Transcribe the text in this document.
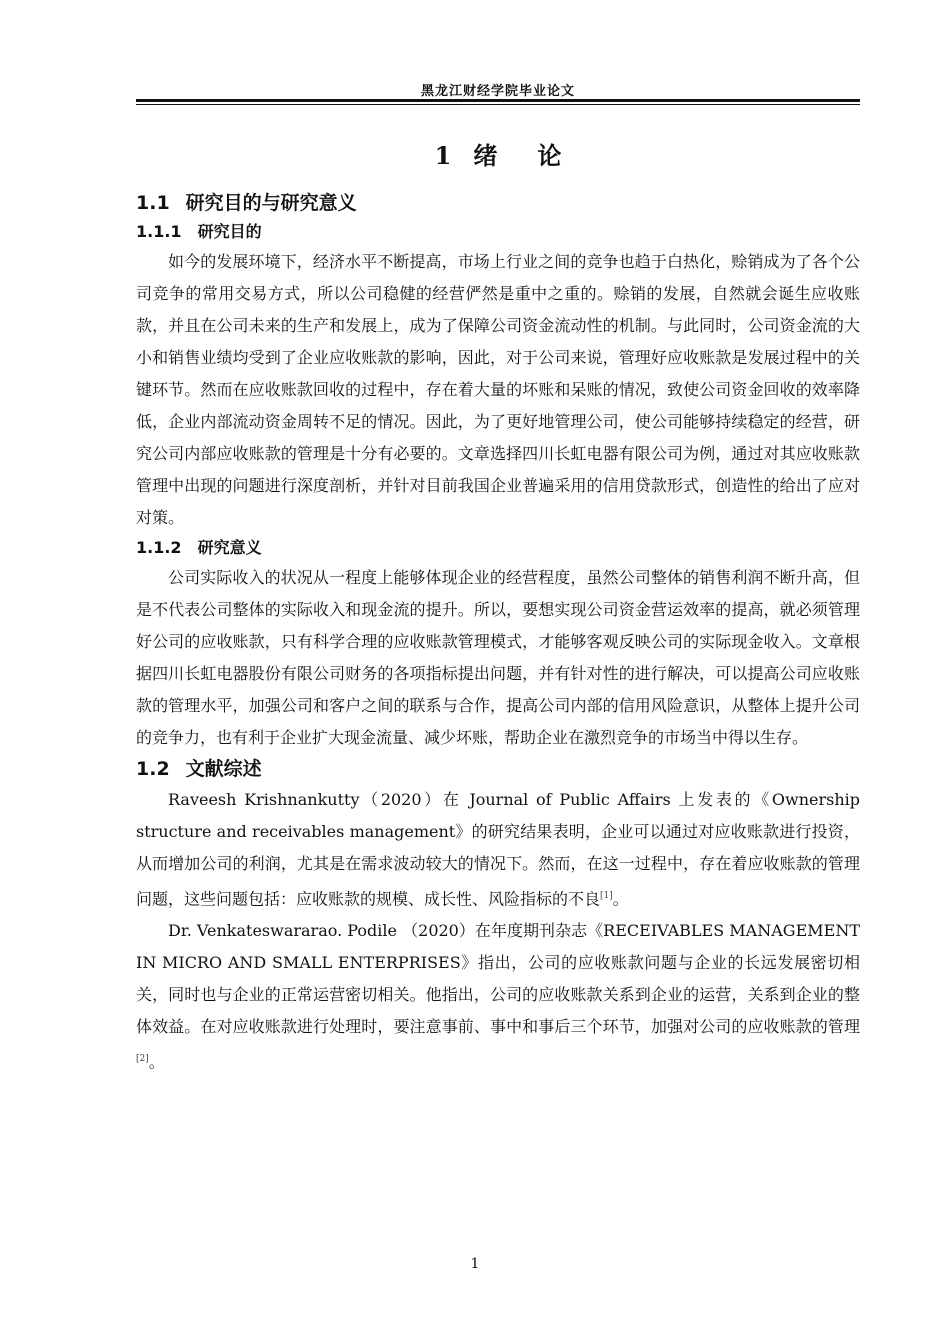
黑龙江财经学院毕业论文
1 绪 论
1.1 研究目的与研究意义
1.1.1 研究目的

如今的发展环境下，经济水平不断提高，市场上行业之间的竞争也趋于白热化，赊销成为了各个公司竞争的常用交易方式，所以公司稳健的经营俨然是重中之重的。赊销的发展，自然就会诞生应收账款，并且在公司未来的生产和发展上，成为了保障公司资金流动性的机制。与此同时，公司资金流的大小和销售业绩均受到了企业应收账款的影响，因此，对于公司来说，管理好应收账款是发展过程中的关键环节。然而在应收账款回收的过程中，存在着大量的坏账和呆账的情况，致使公司资金回收的效率降低，企业内部流动资金周转不足的情况。因此，为了更好地管理公司，使公司能够持续稳定的经营，研究公司内部应收账款的管理是十分有必要的。文章选择四川长虹电器有限公司为例，通过对其应收账款管理中出现的问题进行深度剖析，并针对目前我国企业普遍采用的信用贷款形式，创造性的给出了应对对策。

1.1.2 研究意义

公司实际收入的状况从一程度上能够体现企业的经营程度，虽然公司整体的销售利润不断升高，但是不代表公司整体的实际收入和现金流的提升。所以，要想实现公司资金营运效率的提高，就必须管理好公司的应收账款，只有科学合理的应收账款管理模式，才能够客观反映公司的实际现金收入。文章根据四川长虹电器股份有限公司财务的各项指标提出问题，并有针对性的进行解决，可以提高公司应收账款的管理水平，加强公司和客户之间的联系与合作，提高公司内部的信用风险意识，从整体上提升公司的竞争力，也有利于企业扩大现金流量、减少坏账，帮助企业在激烈竞争的市场当中得以生存。

1.2 文献综述

Raveesh Krishnankutty（2020）在 Journal of Public Affairs 上发表的《Ownership structure and receivables management》的研究结果表明，企业可以通过对应收账款进行投资，从而增加公司的利润，尤其是在需求波动较大的情况下。然而，在这一过程中，存在着应收账款的管理问题，这些问题包括：应收账款的规模、成长性、风险指标的不良[1]。

Dr. Venkateswararao. Podile （2020）在年度期刊杂志《RECEIVABLES MANAGEMENT IN MICRO AND SMALL ENTERPRISES》指出，公司的应收账款问题与企业的长远发展密切相关，同时也与企业的正常运营密切相关。他指出，公司的应收账款关系到企业的运营，关系到企业的整体效益。在对应收账款进行处理时，要注意事前、事中和事后三个环节，加强对公司的应收账款的管理[2]。

1
